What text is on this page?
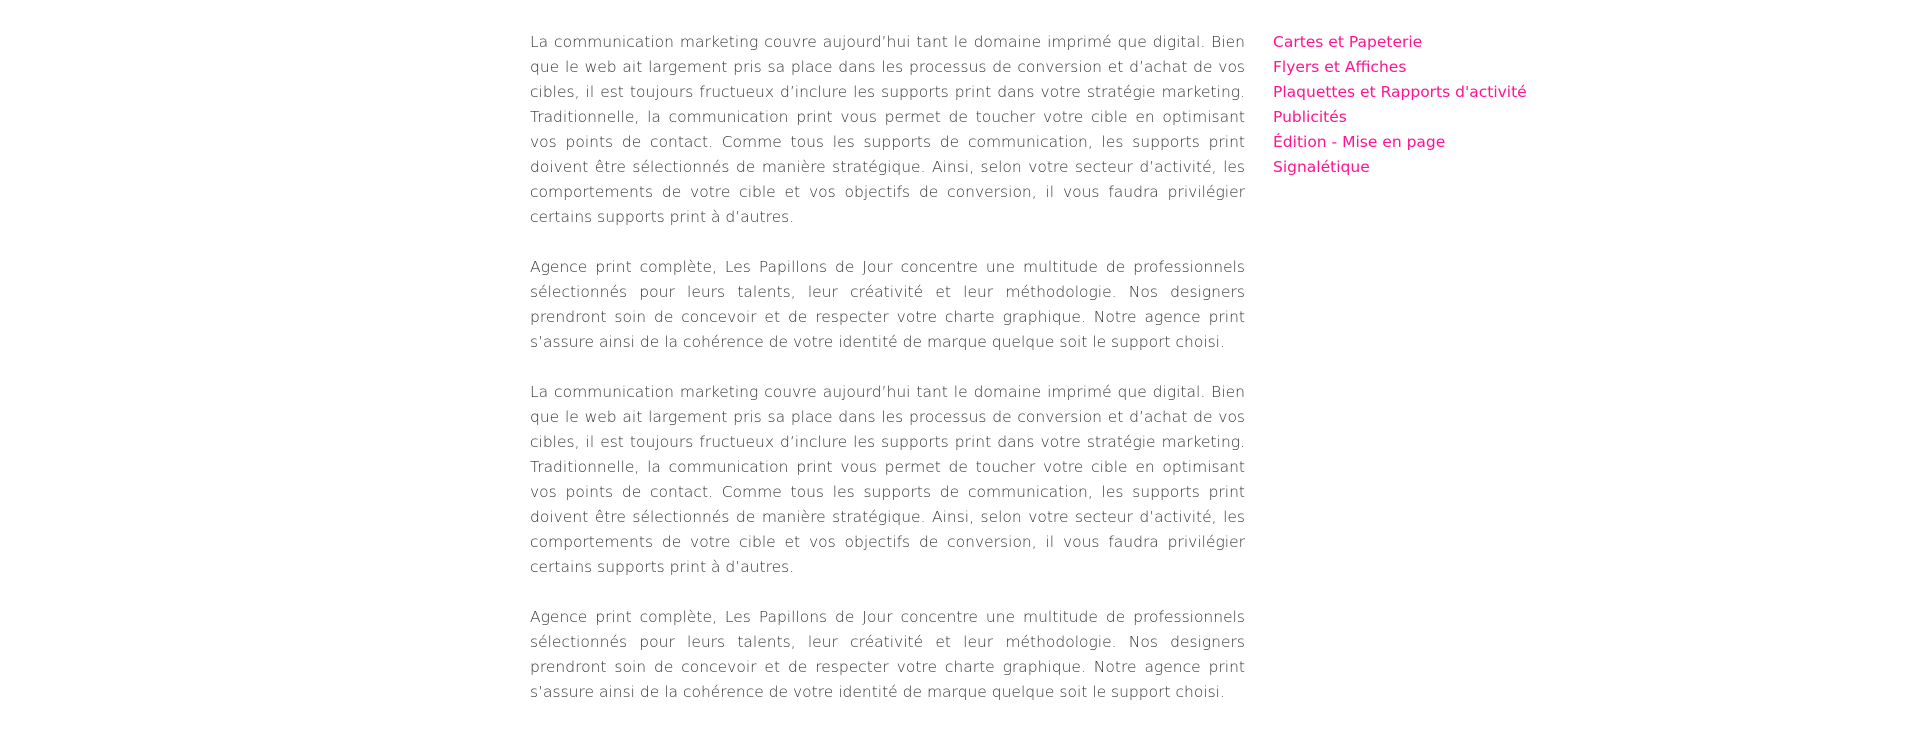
La communication marketing couvre aujourd’hui tant le domaine imprimé que digital. Bien que le web ait largement pris sa place dans les processus de conversion et d’achat de vos cibles, il est toujours fructueux d’inclure les supports print dans votre stratégie marketing. Traditionnelle, la communication print vous permet de toucher votre cible en optimisant vos points de contact. Comme tous les supports de communication, les supports print doivent être sélectionnés de manière stratégique. Ainsi, selon votre secteur d’activité, les comportements de votre cible et vos objectifs de conversion, il vous faudra privilégier certains supports print à d’autres.

Agence print complète, Les Papillons de Jour concentre une multitude de professionnels sélectionnés pour leurs talents, leur créativité et leur méthodologie. Nos designers prendront soin de concevoir et de respecter votre charte graphique. Notre agence print s’assure ainsi de la cohérence de votre identité de marque quelque soit le support choisi.

La communication marketing couvre aujourd’hui tant le domaine imprimé que digital. Bien que le web ait largement pris sa place dans les processus de conversion et d’achat de vos cibles, il est toujours fructueux d’inclure les supports print dans votre stratégie marketing. Traditionnelle, la communication print vous permet de toucher votre cible en optimisant vos points de contact. Comme tous les supports de communication, les supports print doivent être sélectionnés de manière stratégique. Ainsi, selon votre secteur d’activité, les comportements de votre cible et vos objectifs de conversion, il vous faudra privilégier certains supports print à d’autres.

Agence print complète, Les Papillons de Jour concentre une multitude de professionnels sélectionnés pour leurs talents, leur créativité et leur méthodologie. Nos designers prendront soin de concevoir et de respecter votre charte graphique. Notre agence print s’assure ainsi de la cohérence de votre identité de marque quelque soit le support choisi.

Cartes et Papeterie
Flyers et Affiches
Plaquettes et Rapports d'activité
Publicités
Édition - Mise en page
Signalétique
